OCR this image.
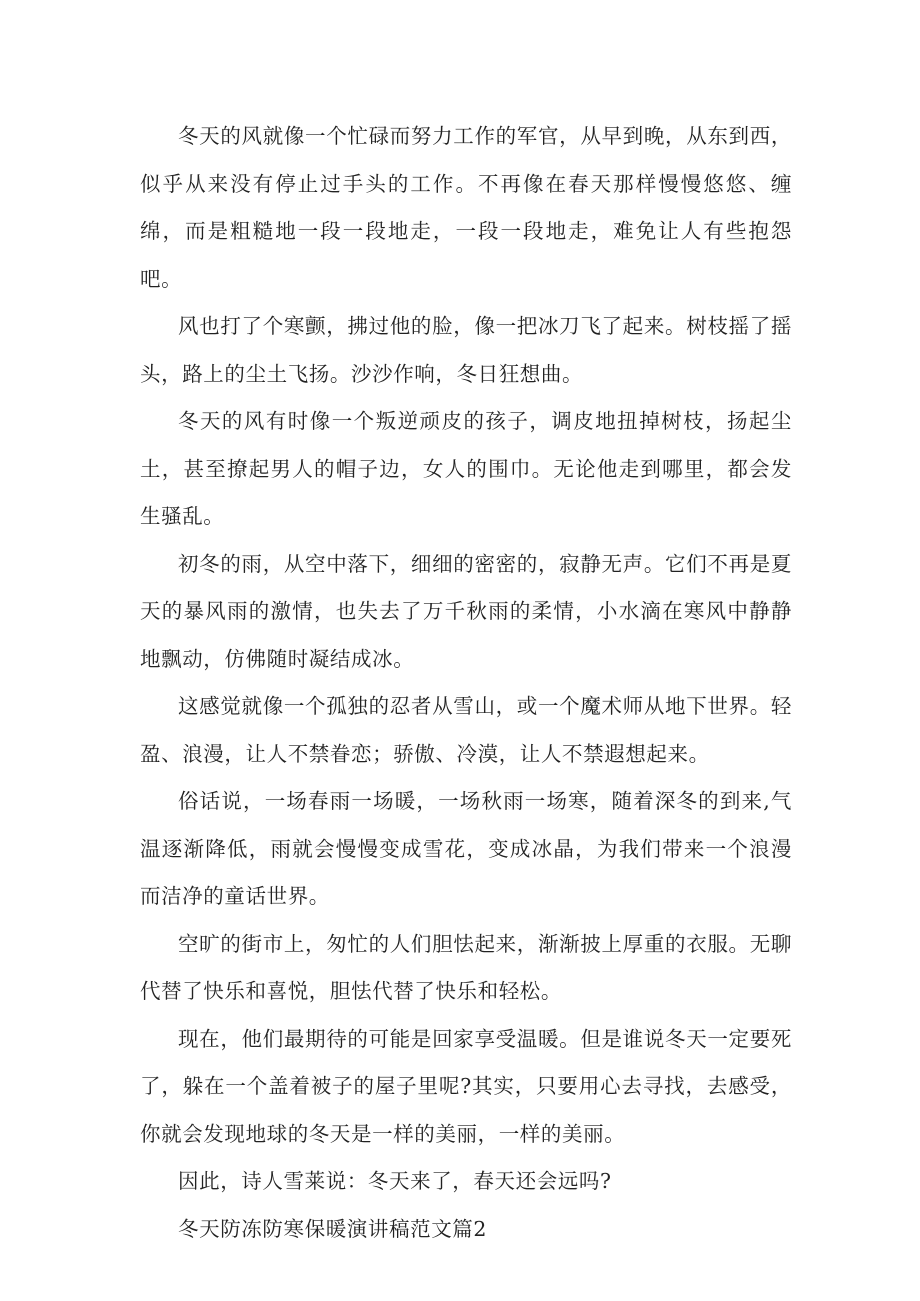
冬天的风就像一个忙碌而努力工作的军官，从早到晚，从东到西，似乎从来没有停止过手头的工作。不再像在春天那样慢慢悠悠、缠绵，而是粗糙地一段一段地走，一段一段地走，难免让人有些抱怨吧。

风也打了个寒颤，拂过他的脸，像一把冰刀飞了起来。树枝摇了摇头，路上的尘土飞扬。沙沙作响，冬日狂想曲。

冬天的风有时像一个叛逆顽皮的孩子，调皮地扭掉树枝，扬起尘土，甚至撩起男人的帽子边，女人的围巾。无论他走到哪里，都会发生骚乱。

初冬的雨，从空中落下，细细的密密的，寂静无声。它们不再是夏天的暴风雨的激情，也失去了万千秋雨的柔情，小水滴在寒风中静静地飘动，仿佛随时凝结成冰。

这感觉就像一个孤独的忍者从雪山，或一个魔术师从地下世界。轻盈、浪漫，让人不禁眷恋；骄傲、冷漠，让人不禁遐想起来。

俗话说，一场春雨一场暖，一场秋雨一场寒，随着深冬的到来,气温逐渐降低，雨就会慢慢变成雪花，变成冰晶，为我们带来一个浪漫而洁净的童话世界。

空旷的街市上，匆忙的人们胆怯起来，渐渐披上厚重的衣服。无聊代替了快乐和喜悦，胆怯代替了快乐和轻松。

现在，他们最期待的可能是回家享受温暖。但是谁说冬天一定要死了，躲在一个盖着被子的屋子里呢?其实，只要用心去寻找，去感受，你就会发现地球的冬天是一样的美丽，一样的美丽。

因此，诗人雪莱说：冬天来了，春天还会远吗?

冬天防冻防寒保暖演讲稿范文篇2
